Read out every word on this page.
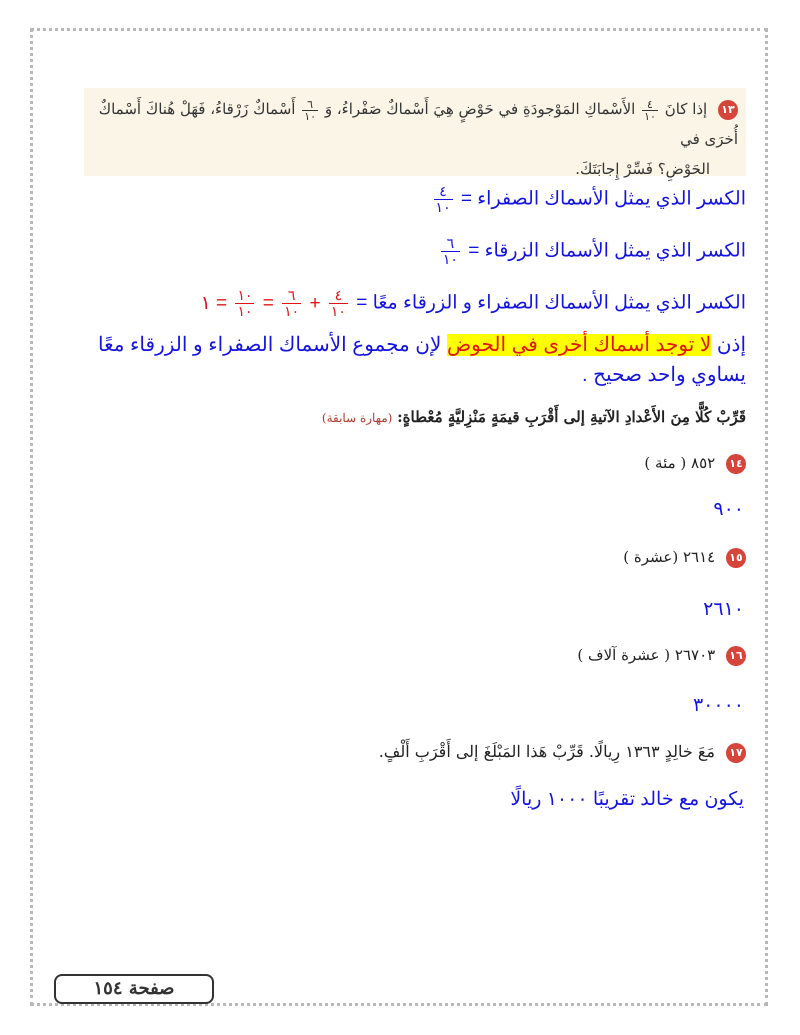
١٣ إذا كانَ
$\frac{٤}{١٠}$
الأَسْماكِ المَوْجودَةِ في حَوْضٍ هِيَ أَسْماكٌ صَفْراءُ، وَ
$\frac{٦}{١٠}$
أَسْماكٌ زَرْقاءُ، فَهَلْ هُناكَ أَسْماكٌ أُخرَى في
الحَوْضِ؟ فَسِّرْ إِجابَتَكَ.
الكسر الذي يمثل الأسماك الصفراء =
٤
١٠
الكسر الذي يمثل الأسماك الزرقاء =
٦
١٠
الكسر الذي يمثل الأسماك الصفراء و الزرقاء معًا =
٤
١٠
+
٦
١٠
=
١٠
١٠
= ١
إذن لا توجد أسماك أخرى في الحوض لإن مجموع الأسماك الصفراء و الزرقاء معًا
يساوي واحد صحيح .
قَرِّبْ كُلًّا مِنَ الأَعْدادِ الآتيةِ إلى أَقْرَبِ قيمَةٍ مَنْزِليَّةٍ مُعْطاةٍ: (مهارة سابقة)
١٤ ٨٥٢ ( مئة )
٩٠٠
١٥ ٢٦١٤ (عشرة )
٢٦١٠
١٦ ٢٦٧٠٣ ( عشرة آلاف )
٣٠٠٠٠
١٧ مَعَ خالِدٍ ١٣٦٣ رِيالًا. قَرِّبْ هَذا المَبْلَغَ إلى أَقْرَبِ أَلْفٍ.
يكون مع خالد تقريبًا ١٠٠٠ ريالًا
صفحة ١٥٤
